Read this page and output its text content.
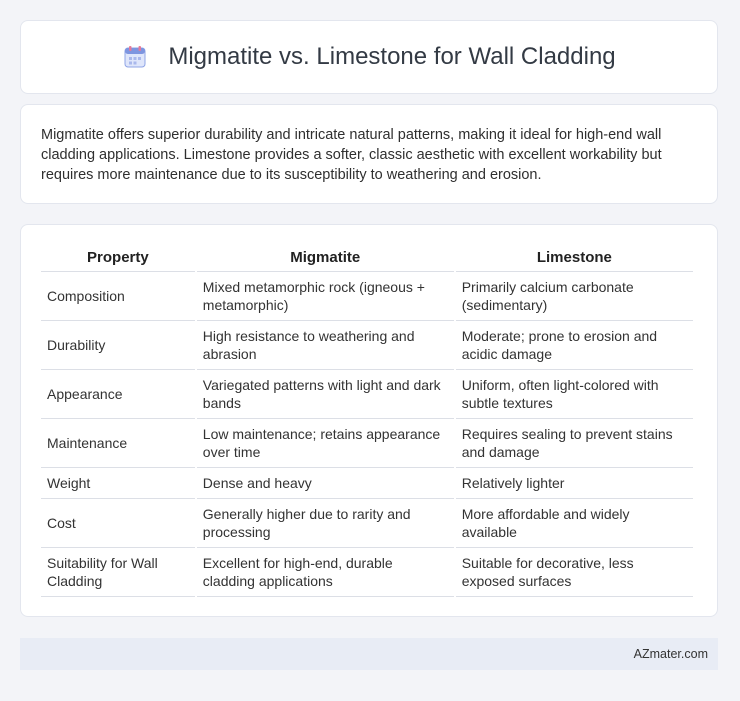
Migmatite vs. Limestone for Wall Cladding

Migmatite offers superior durability and intricate natural patterns, making it ideal for high-end wall cladding applications. Limestone provides a softer, classic aesthetic with excellent workability but requires more maintenance due to its susceptibility to weathering and erosion.

Property	Migmatite	Limestone
Composition	Mixed metamorphic rock (igneous + metamorphic)	Primarily calcium carbonate (sedimentary)
Durability	High resistance to weathering and abrasion	Moderate; prone to erosion and acidic damage
Appearance	Variegated patterns with light and dark bands	Uniform, often light-colored with subtle textures
Maintenance	Low maintenance; retains appearance over time	Requires sealing to prevent stains and damage
Weight	Dense and heavy	Relatively lighter
Cost	Generally higher due to rarity and processing	More affordable and widely available
Suitability for Wall Cladding	Excellent for high-end, durable cladding applications	Suitable for decorative, less exposed surfaces
AZmater.com
